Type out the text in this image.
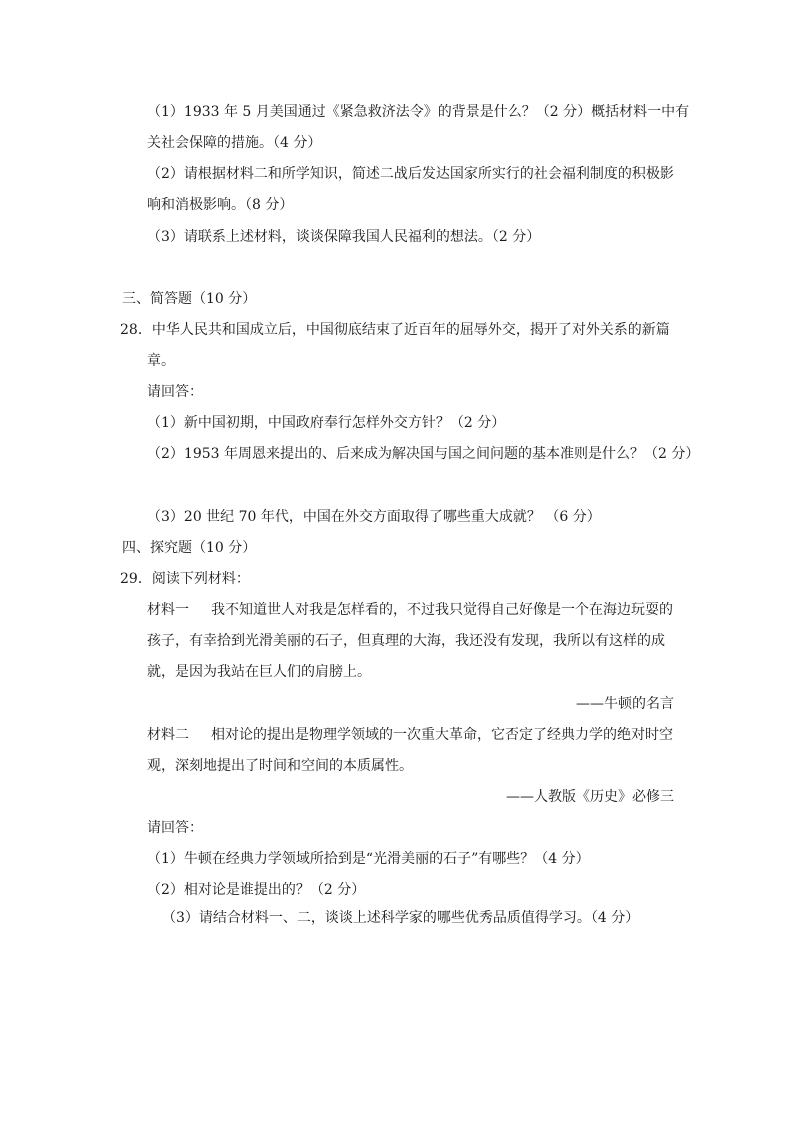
（1）1933 年 5 月美国通过《紧急救济法令》的背景是什么？（2 分）概括材料一中有
关社会保障的措施。（4 分）
（2）请根据材料二和所学知识，简述二战后发达国家所实行的社会福利制度的积极影
响和消极影响。（8 分）
（3）请联系上述材料，谈谈保障我国人民福利的想法。（2 分）
三、简答题（10 分）
28．中华人民共和国成立后，中国彻底结束了近百年的屈辱外交，揭开了对外关系的新篇
章。
请回答：
（1）新中国初期，中国政府奉行怎样外交方针？（2 分）
（2）1953 年周恩来提出的、后来成为解决国与国之间问题的基本准则是什么？（2 分）
（3）20 世纪 70 年代，中国在外交方面取得了哪些重大成就？ （6 分）
四、探究题（10 分）
29．阅读下列材料：
材料一 我不知道世人对我是怎样看的，不过我只觉得自己好像是一个在海边玩耍的
孩子，有幸拾到光滑美丽的石子，但真理的大海，我还没有发现，我所以有这样的成
就，是因为我站在巨人们的肩膀上。
——牛顿的名言
材料二 相对论的提出是物理学领域的一次重大革命，它否定了经典力学的绝对时空
观，深刻地提出了时间和空间的本质属性。
——人教版《历史》必修三
请回答：
（1）牛顿在经典力学领域所拾到是“光滑美丽的石子”有哪些？（4 分）
（2）相对论是谁提出的？（2 分）
（3）请结合材料一、二，谈谈上述科学家的哪些优秀品质值得学习。（4 分）
